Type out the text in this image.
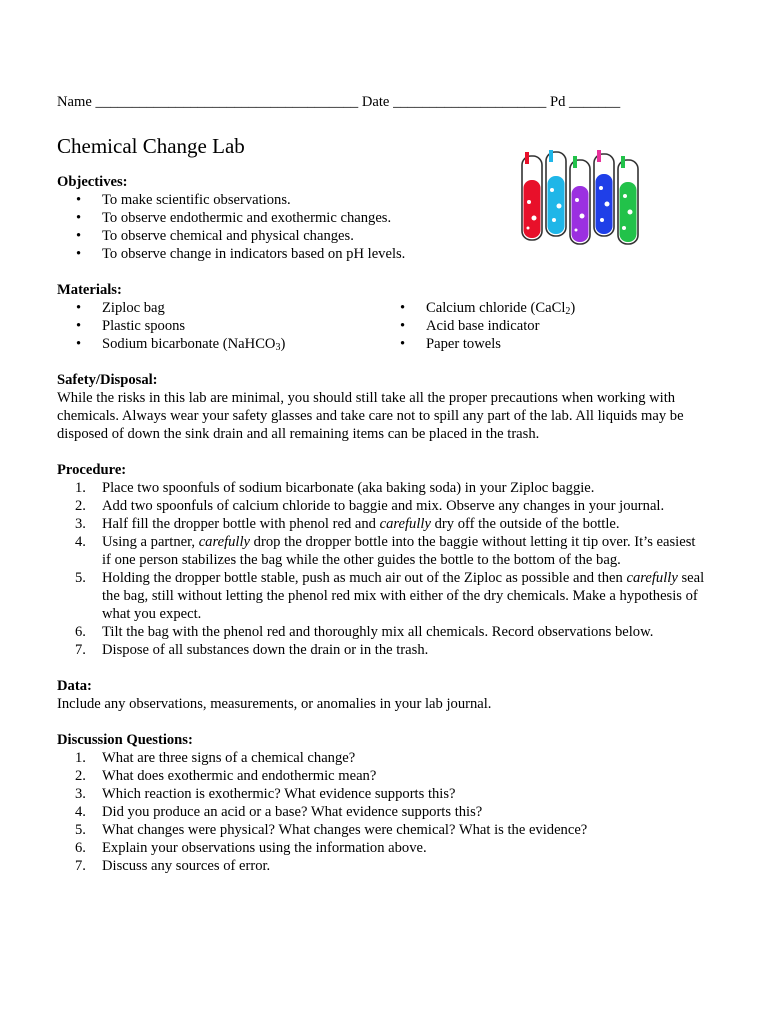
Name ____________________________________ Date _____________________ Pd _______
Chemical Change Lab
Objectives:
• To make scientific observations.
• To observe endothermic and exothermic changes.
• To observe chemical and physical changes.
• To observe change in indicators based on pH levels.
Materials:
• Ziploc bag
• Plastic spoons
• Sodium bicarbonate (NaHCO$_3$)
• Calcium chloride (CaCl$_2$)
• Acid base indicator
• Paper towels
Safety/Disposal:

While the risks in this lab are minimal, you should still take all the proper precautions when working with chemicals. Always wear your safety glasses and take care not to spill any part of the lab. All liquids may be disposed of down the sink drain and all remaining items can be placed in the trash.

Procedure:
1. Place two spoonfuls of sodium bicarbonate (aka baking soda) in your Ziploc baggie.
2. Add two spoonfuls of calcium chloride to baggie and mix. Observe any changes in your journal.
3. Half fill the dropper bottle with phenol red and carefully dry off the outside of the bottle.
4. Using a partner, carefully drop the dropper bottle into the baggie without letting it tip over. It’s easiest if one person stabilizes the bag while the other guides the bottle to the bottom of the bag.
5. Holding the dropper bottle stable, push as much air out of the Ziploc as possible and then carefully seal the bag, still without letting the phenol red mix with either of the dry chemicals. Make a hypothesis of what you expect.
6. Tilt the bag with the phenol red and thoroughly mix all chemicals. Record observations below.
7. Dispose of all substances down the drain or in the trash.
Data:

Include any observations, measurements, or anomalies in your lab journal.

Discussion Questions:
1. What are three signs of a chemical change?
2. What does exothermic and endothermic mean?
3. Which reaction is exothermic? What evidence supports this?
4. Did you produce an acid or a base? What evidence supports this?
5. What changes were physical? What changes were chemical? What is the evidence?
6. Explain your observations using the information above.
7. Discuss any sources of error.
